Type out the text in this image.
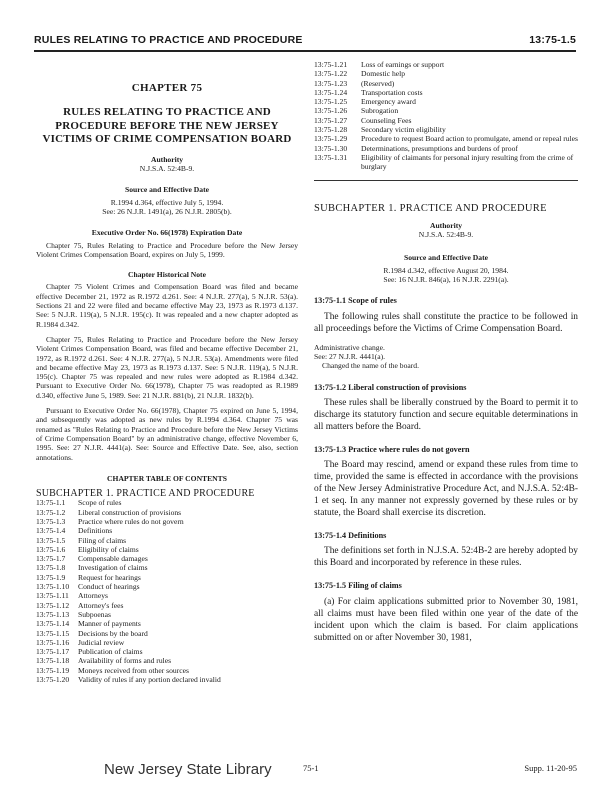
RULES RELATING TO PRACTICE AND PROCEDURE	13:75-1.5
CHAPTER 75
RULES RELATING TO PRACTICE AND PROCEDURE BEFORE THE NEW JERSEY VICTIMS OF CRIME COMPENSATION BOARD
Authority
N.J.S.A. 52:4B-9.
Source and Effective Date
R.1994 d.364, effective July 5, 1994.
See: 26 N.J.R. 1491(a), 26 N.J.R. 2805(b).
Executive Order No. 66(1978) Expiration Date

Chapter 75, Rules Relating to Practice and Procedure before the New Jersey Violent Crimes Compensation Board, expires on July 5, 1999.

Chapter Historical Note

Chapter 75 Violent Crimes and Compensation Board was filed and became effective December 21, 1972 as R.1972 d.261. See: 4 N.J.R. 277(a), 5 N.J.R. 53(a). Sections 21 and 22 were filed and became effective May 23, 1973 as R.1973 d.137. See: 5 N.J.R. 119(a), 5 N.J.R. 195(c). It was repealed and a new chapter adopted as R.1984 d.342.

Chapter 75, Rules Relating to Practice and Procedure before the New Jersey Violent Crimes Compensation Board, was filed and became effective December 21, 1972, as R.1972 d.261. See: 4 N.J.R. 277(a), 5 N.J.R. 53(a). Amendments were filed and became effective May 23, 1973 as R.1973 d.137. See: 5 N.J.R. 119(a), 5 N.J.R. 195(c). Chapter 75 was repealed and new rules were adopted as R.1984 d.342. Pursuant to Executive Order No. 66(1978), Chapter 75 was readopted as R.1989 d.340, effective June 5, 1989. See: 21 N.J.R. 881(b), 21 N.J.R. 1832(b).

Pursuant to Executive Order No. 66(1978), Chapter 75 expired on June 5, 1994, and subsequently was adopted as new rules by R.1994 d.364. Chapter 75 was renamed as "Rules Relating to Practice and Procedure before the New Jersey Victims of Crime Compensation Board" by an administrative change, effective November 6, 1995. See: 27 N.J.R. 4441(a). See: Source and Effective Date. See, also, section annotations.

CHAPTER TABLE OF CONTENTS
SUBCHAPTER 1. PRACTICE AND PROCEDURE
13:75-1.1	Scope of rules
13:75-1.2	Liberal construction of provisions
13:75-1.3	Practice where rules do not govern
13:75-1.4	Definitions
13:75-1.5	Filing of claims
13:75-1.6	Eligibility of claims
13:75-1.7	Compensable damages
13:75-1.8	Investigation of claims
13:75-1.9	Request for hearings
13:75-1.10	Conduct of hearings
13:75-1.11	Attorneys
13:75-1.12	Attorney's fees
13:75-1.13	Subpoenas
13:75-1.14	Manner of payments
13:75-1.15	Decisions by the board
13:75-1.16	Judicial review
13:75-1.17	Publication of claims
13:75-1.18	Availability of forms and rules
13:75-1.19	Moneys received from other sources
13:75-1.20	Validity of rules if any portion declared invalid
13:75-1.21	Loss of earnings or support
13:75-1.22	Domestic help
13:75-1.23	(Reserved)
13:75-1.24	Transportation costs
13:75-1.25	Emergency award
13:75-1.26	Subrogation
13:75-1.27	Counseling Fees
13:75-1.28	Secondary victim eligibility
13:75-1.29	Procedure to request Board action to promulgate, amend or repeal rules
13:75-1.30	Determinations, presumptions and burdens of proof
13:75-1.31	Eligibility of claimants for personal injury resulting from the crime of burglary
SUBCHAPTER 1. PRACTICE AND PROCEDURE
Authority
N.J.S.A. 52:4B-9.
Source and Effective Date
R.1984 d.342, effective August 20, 1984.
See: 16 N.J.R. 846(a), 16 N.J.R. 2291(a).
13:75-1.1 Scope of rules

The following rules shall constitute the practice to be followed in all proceedings before the Victims of Crime Compensation Board.

Administrative change.
See: 27 N.J.R. 4441(a).
Changed the name of the board.
13:75-1.2 Liberal construction of provisions

These rules shall be liberally construed by the Board to permit it to discharge its statutory function and secure equitable determinations in all matters before the Board.

13:75-1.3 Practice where rules do not govern

The Board may rescind, amend or expand these rules from time to time, provided the same is effected in accordance with the provisions of the New Jersey Administrative Procedure Act, and N.J.S.A. 52:4B-1 et seq. In any manner not expressly governed by these rules or by statute, the Board shall exercise its discretion.

13:75-1.4 Definitions

The definitions set forth in N.J.S.A. 52:4B-2 are hereby adopted by this Board and incorporated by reference in these rules.

13:75-1.5 Filing of claims

(a) For claim applications submitted prior to November 30, 1981, all claims must have been filed within one year of the date of the incident upon which the claim is based. For claim applications submitted on or after November 30, 1981,

New Jersey State Library	75-1	Supp. 11-20-95
